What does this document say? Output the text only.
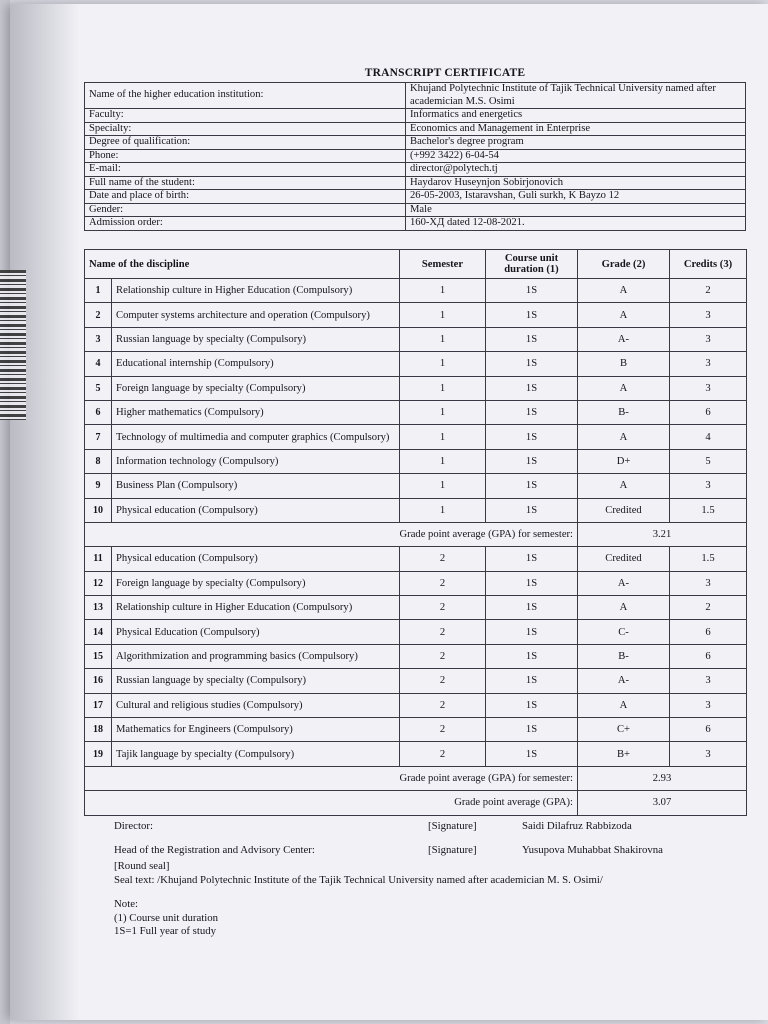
TRANSCRIPT CERTIFICATE
Name of the higher education institution:	Khujand Polytechnic Institute of Tajik Technical University named after academician M.S. Osimi
Faculty:	Informatics and energetics
Specialty:	Economics and Management in Enterprise
Degree of qualification:	Bachelor's degree program
Phone:	(+992 3422) 6-04-54
E-mail:	director@polytech.tj
Full name of the student:	Haydarov Huseynjon Sobirjonovich
Date and place of birth:	26-05-2003, Istaravshan, Guli surkh, K Bayzo 12
Gender:	Male
Admission order:	160-ХД dated 12-08-2021.
Name of the discipline		Semester	Course unit duration (1)	Grade (2)	Credits (3)
1	Relationship culture in Higher Education (Compulsory)	1	1S	A	2
2	Computer systems architecture and operation (Compulsory)	1	1S	A	3
3	Russian language by specialty (Compulsory)	1	1S	A-	3
4	Educational internship (Compulsory)	1	1S	B	3
5	Foreign language by specialty (Compulsory)	1	1S	A	3
6	Higher mathematics (Compulsory)	1	1S	B-	6
7	Technology of multimedia and computer graphics (Compulsory)	1	1S	A	4
8	Information technology (Compulsory)	1	1S	D+	5
9	Business Plan (Compulsory)	1	1S	A	3
10	Physical education (Compulsory)	1	1S	Credited	1.5
Grade point average (GPA) for semester:				3.21	
11	Physical education (Compulsory)	2	1S	Credited	1.5
12	Foreign language by specialty (Compulsory)	2	1S	A-	3
13	Relationship culture in Higher Education (Compulsory)	2	1S	A	2
14	Physical Education (Compulsory)	2	1S	C-	6
15	Algorithmization and programming basics (Compulsory)	2	1S	B-	6
16	Russian language by specialty (Compulsory)	2	1S	A-	3
17	Cultural and religious studies (Compulsory)	2	1S	A	3
18	Mathematics for Engineers (Compulsory)	2	1S	C+	6
19	Tajik language by specialty (Compulsory)	2	1S	B+	3
Grade point average (GPA) for semester:				2.93	
Grade point average (GPA):				3.07	
Director:	[Signature]	Saidi Dilafruz Rabbizoda
Head of the Registration and Advisory Center:	[Signature]	Yusupova Muhabbat Shakirovna
[Round seal]
Seal text: /Khujand Polytechnic Institute of the Tajik Technical University named after academician M. S. Osimi/
Note:
(1) Course unit duration
1S=1 Full year of study
